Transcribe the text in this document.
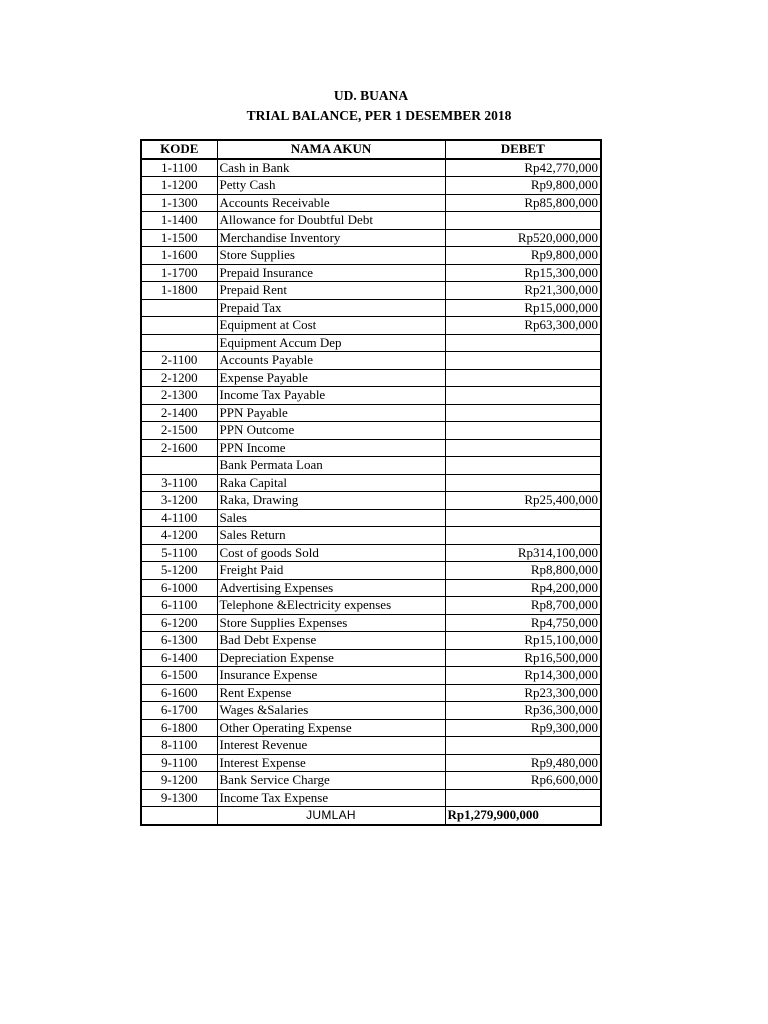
UD. BUANA
TRIAL BALANCE, PER 1 DESEMBER 2018
KODE	NAMA AKUN	DEBET
1-1100	Cash in Bank	Rp42,770,000
1-1200	Petty Cash	Rp9,800,000
1-1300	Accounts Receivable	Rp85,800,000
1-1400	Allowance for Doubtful Debt	
1-1500	Merchandise Inventory	Rp520,000,000
1-1600	Store Supplies	Rp9,800,000
1-1700	Prepaid Insurance	Rp15,300,000
1-1800	Prepaid Rent	Rp21,300,000
	Prepaid Tax	Rp15,000,000
	Equipment at Cost	Rp63,300,000
	Equipment Accum Dep	
2-1100	Accounts Payable	
2-1200	Expense Payable	
2-1300	Income Tax Payable	
2-1400	PPN Payable	
2-1500	PPN Outcome	
2-1600	PPN Income	
	Bank Permata Loan	
3-1100	Raka Capital	
3-1200	Raka, Drawing	Rp25,400,000
4-1100	Sales	
4-1200	Sales Return	
5-1100	Cost of goods Sold	Rp314,100,000
5-1200	Freight Paid	Rp8,800,000
6-1000	Advertising Expenses	Rp4,200,000
6-1100	Telephone &Electricity expenses	Rp8,700,000
6-1200	Store Supplies Expenses	Rp4,750,000
6-1300	Bad Debt Expense	Rp15,100,000
6-1400	Depreciation Expense	Rp16,500,000
6-1500	Insurance Expense	Rp14,300,000
6-1600	Rent Expense	Rp23,300,000
6-1700	Wages &Salaries	Rp36,300,000
6-1800	Other Operating Expense	Rp9,300,000
8-1100	Interest Revenue	
9-1100	Interest Expense	Rp9,480,000
9-1200	Bank Service Charge	Rp6,600,000
9-1300	Income Tax Expense	
	JUMLAH	Rp1,279,900,000
